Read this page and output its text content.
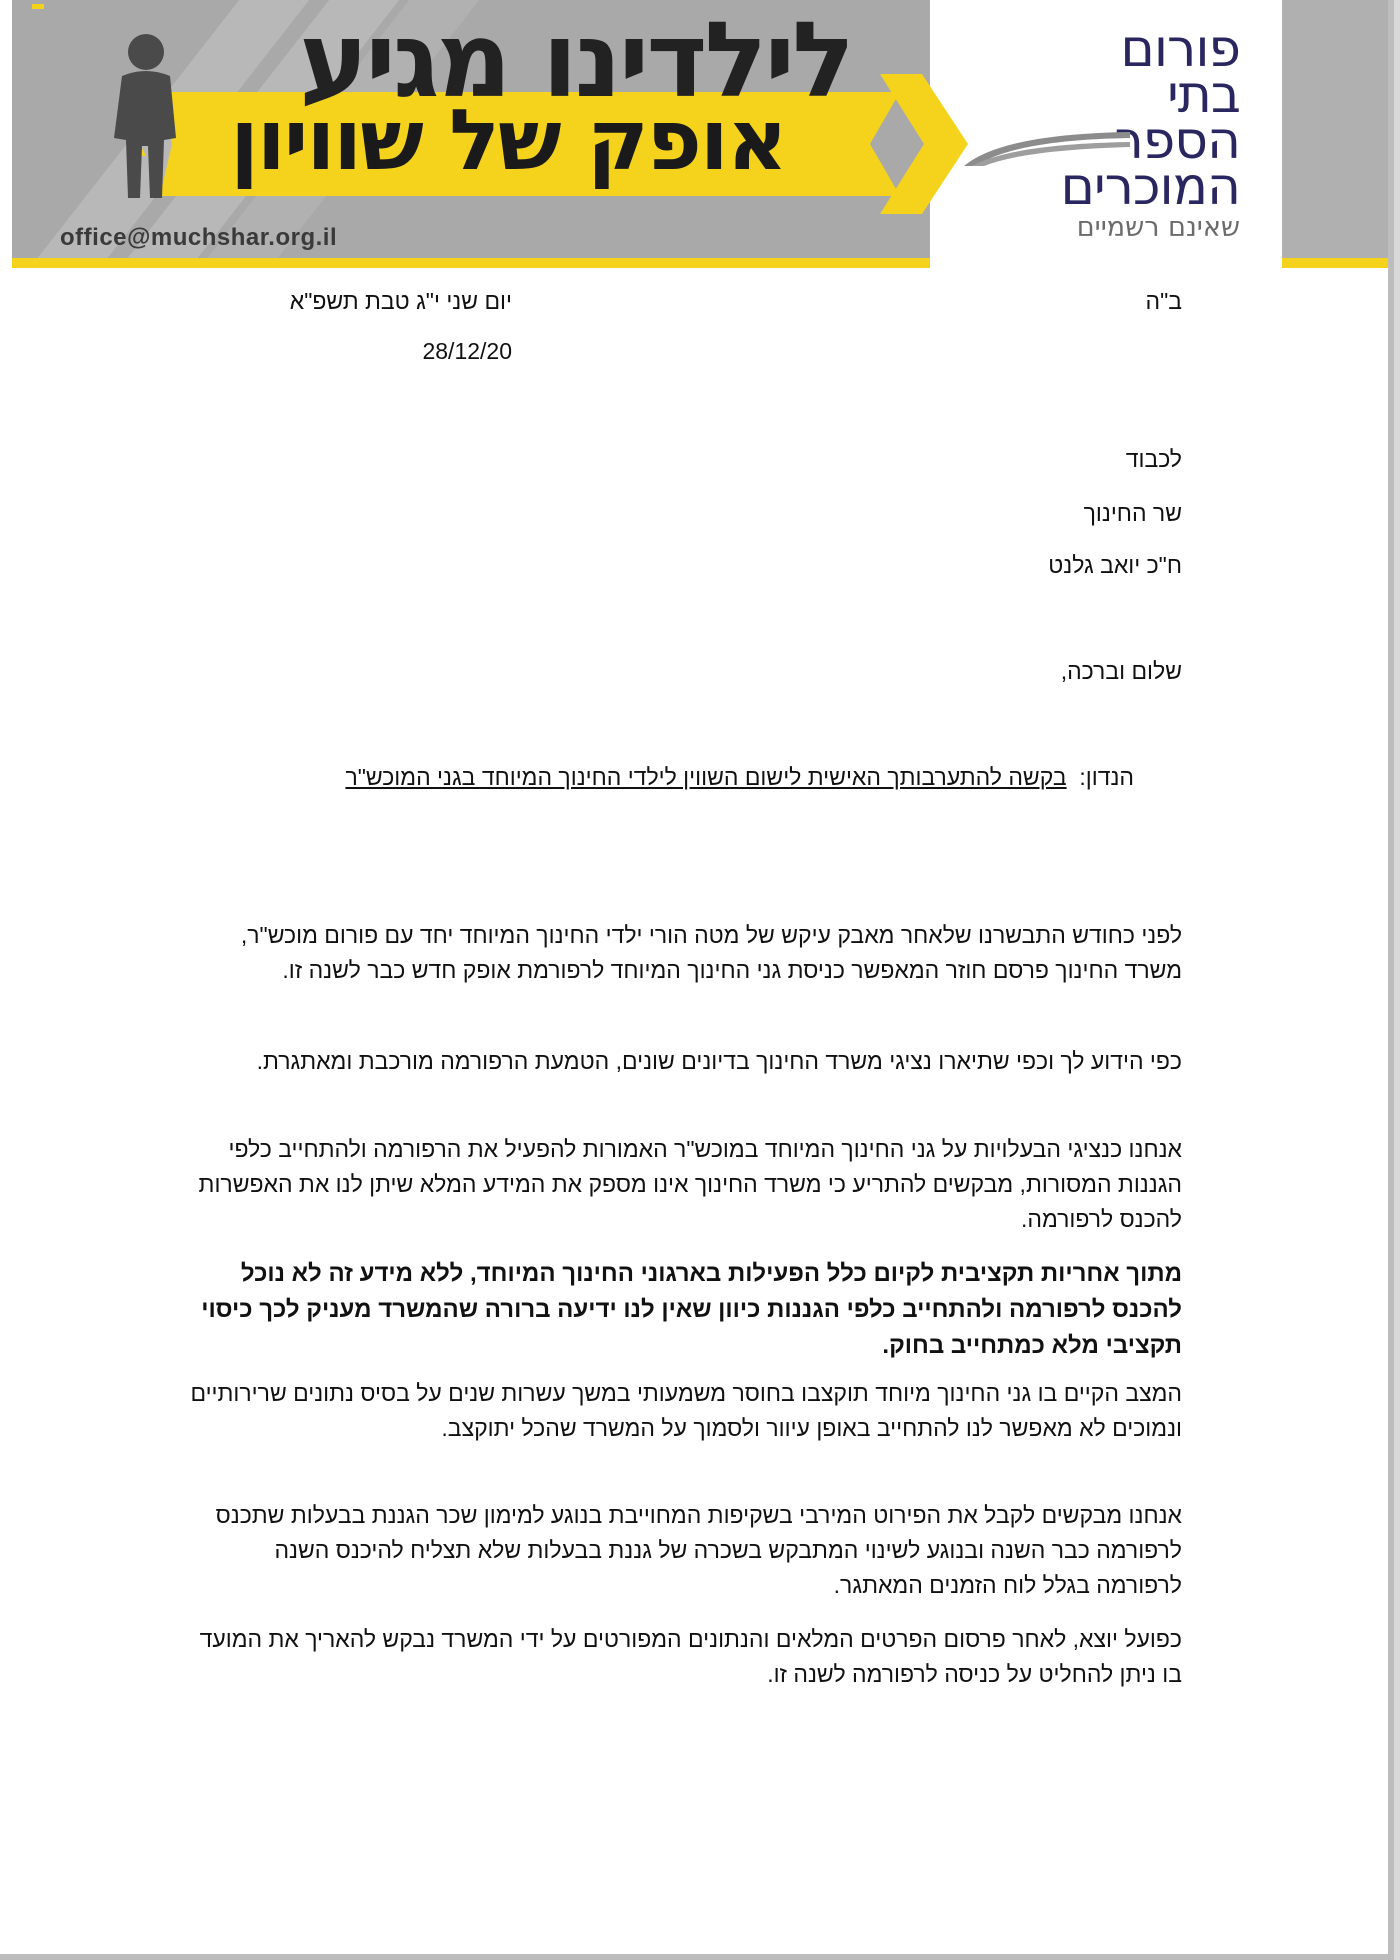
לילדינו מגיע
אופק של שוויון
office@muchshar.org.il
פורום
בתי
הספר
המוכרים
שאינם רשמיים
ב"ה
יום שני י"ג טבת תשפ"א
28/12/20
לכבוד
שר החינוך
ח"כ יואב גלנט
שלום וברכה,
הנדון:  בקשה להתערבותך האישית לישום השווין לילדי החינוך המיוחד בגני המוכש"ר
לפני כחודש התבשרנו שלאחר מאבק עיקש של מטה הורי ילדי החינוך המיוחד יחד עם פורום מוכש"ר, משרד החינוך פרסם חוזר המאפשר כניסת גני החינוך המיוחד לרפורמת אופק חדש כבר לשנה זו.
כפי הידוע לך וכפי שתיארו נציגי משרד החינוך בדיונים שונים, הטמעת הרפורמה מורכבת ומאתגרת.
אנחנו כנציגי הבעלויות על גני החינוך המיוחד במוכש"ר האמורות להפעיל את הרפורמה ולהתחייב כלפי הגננות המסורות, מבקשים להתריע כי משרד החינוך אינו מספק את המידע המלא שיתן לנו את האפשרות להכנס לרפורמה.
מתוך אחריות תקציבית לקיום כלל הפעילות בארגוני החינוך המיוחד, ללא מידע זה לא נוכל להכנס לרפורמה ולהתחייב כלפי הגננות כיוון שאין לנו ידיעה ברורה שהמשרד מעניק לכך כיסוי תקציבי מלא כמתחייב בחוק.
המצב הקיים בו גני החינוך מיוחד תוקצבו בחוסר משמעותי במשך עשרות שנים על בסיס נתונים שרירותיים ונמוכים לא מאפשר לנו להתחייב באופן עיוור ולסמוך על המשרד שהכל יתוקצב.
אנחנו מבקשים לקבל את הפירוט המירבי בשקיפות המחוייבת בנוגע למימון שכר הגננת בבעלות שתכנס לרפורמה כבר השנה ובנוגע לשינוי המתבקש בשכרה של גננת בבעלות שלא תצליח להיכנס השנה לרפורמה בגלל לוח הזמנים המאתגר.
כפועל יוצא, לאחר פרסום הפרטים המלאים והנתונים המפורטים על ידי המשרד נבקש להאריך את המועד בו ניתן להחליט על כניסה לרפורמה לשנה זו.
